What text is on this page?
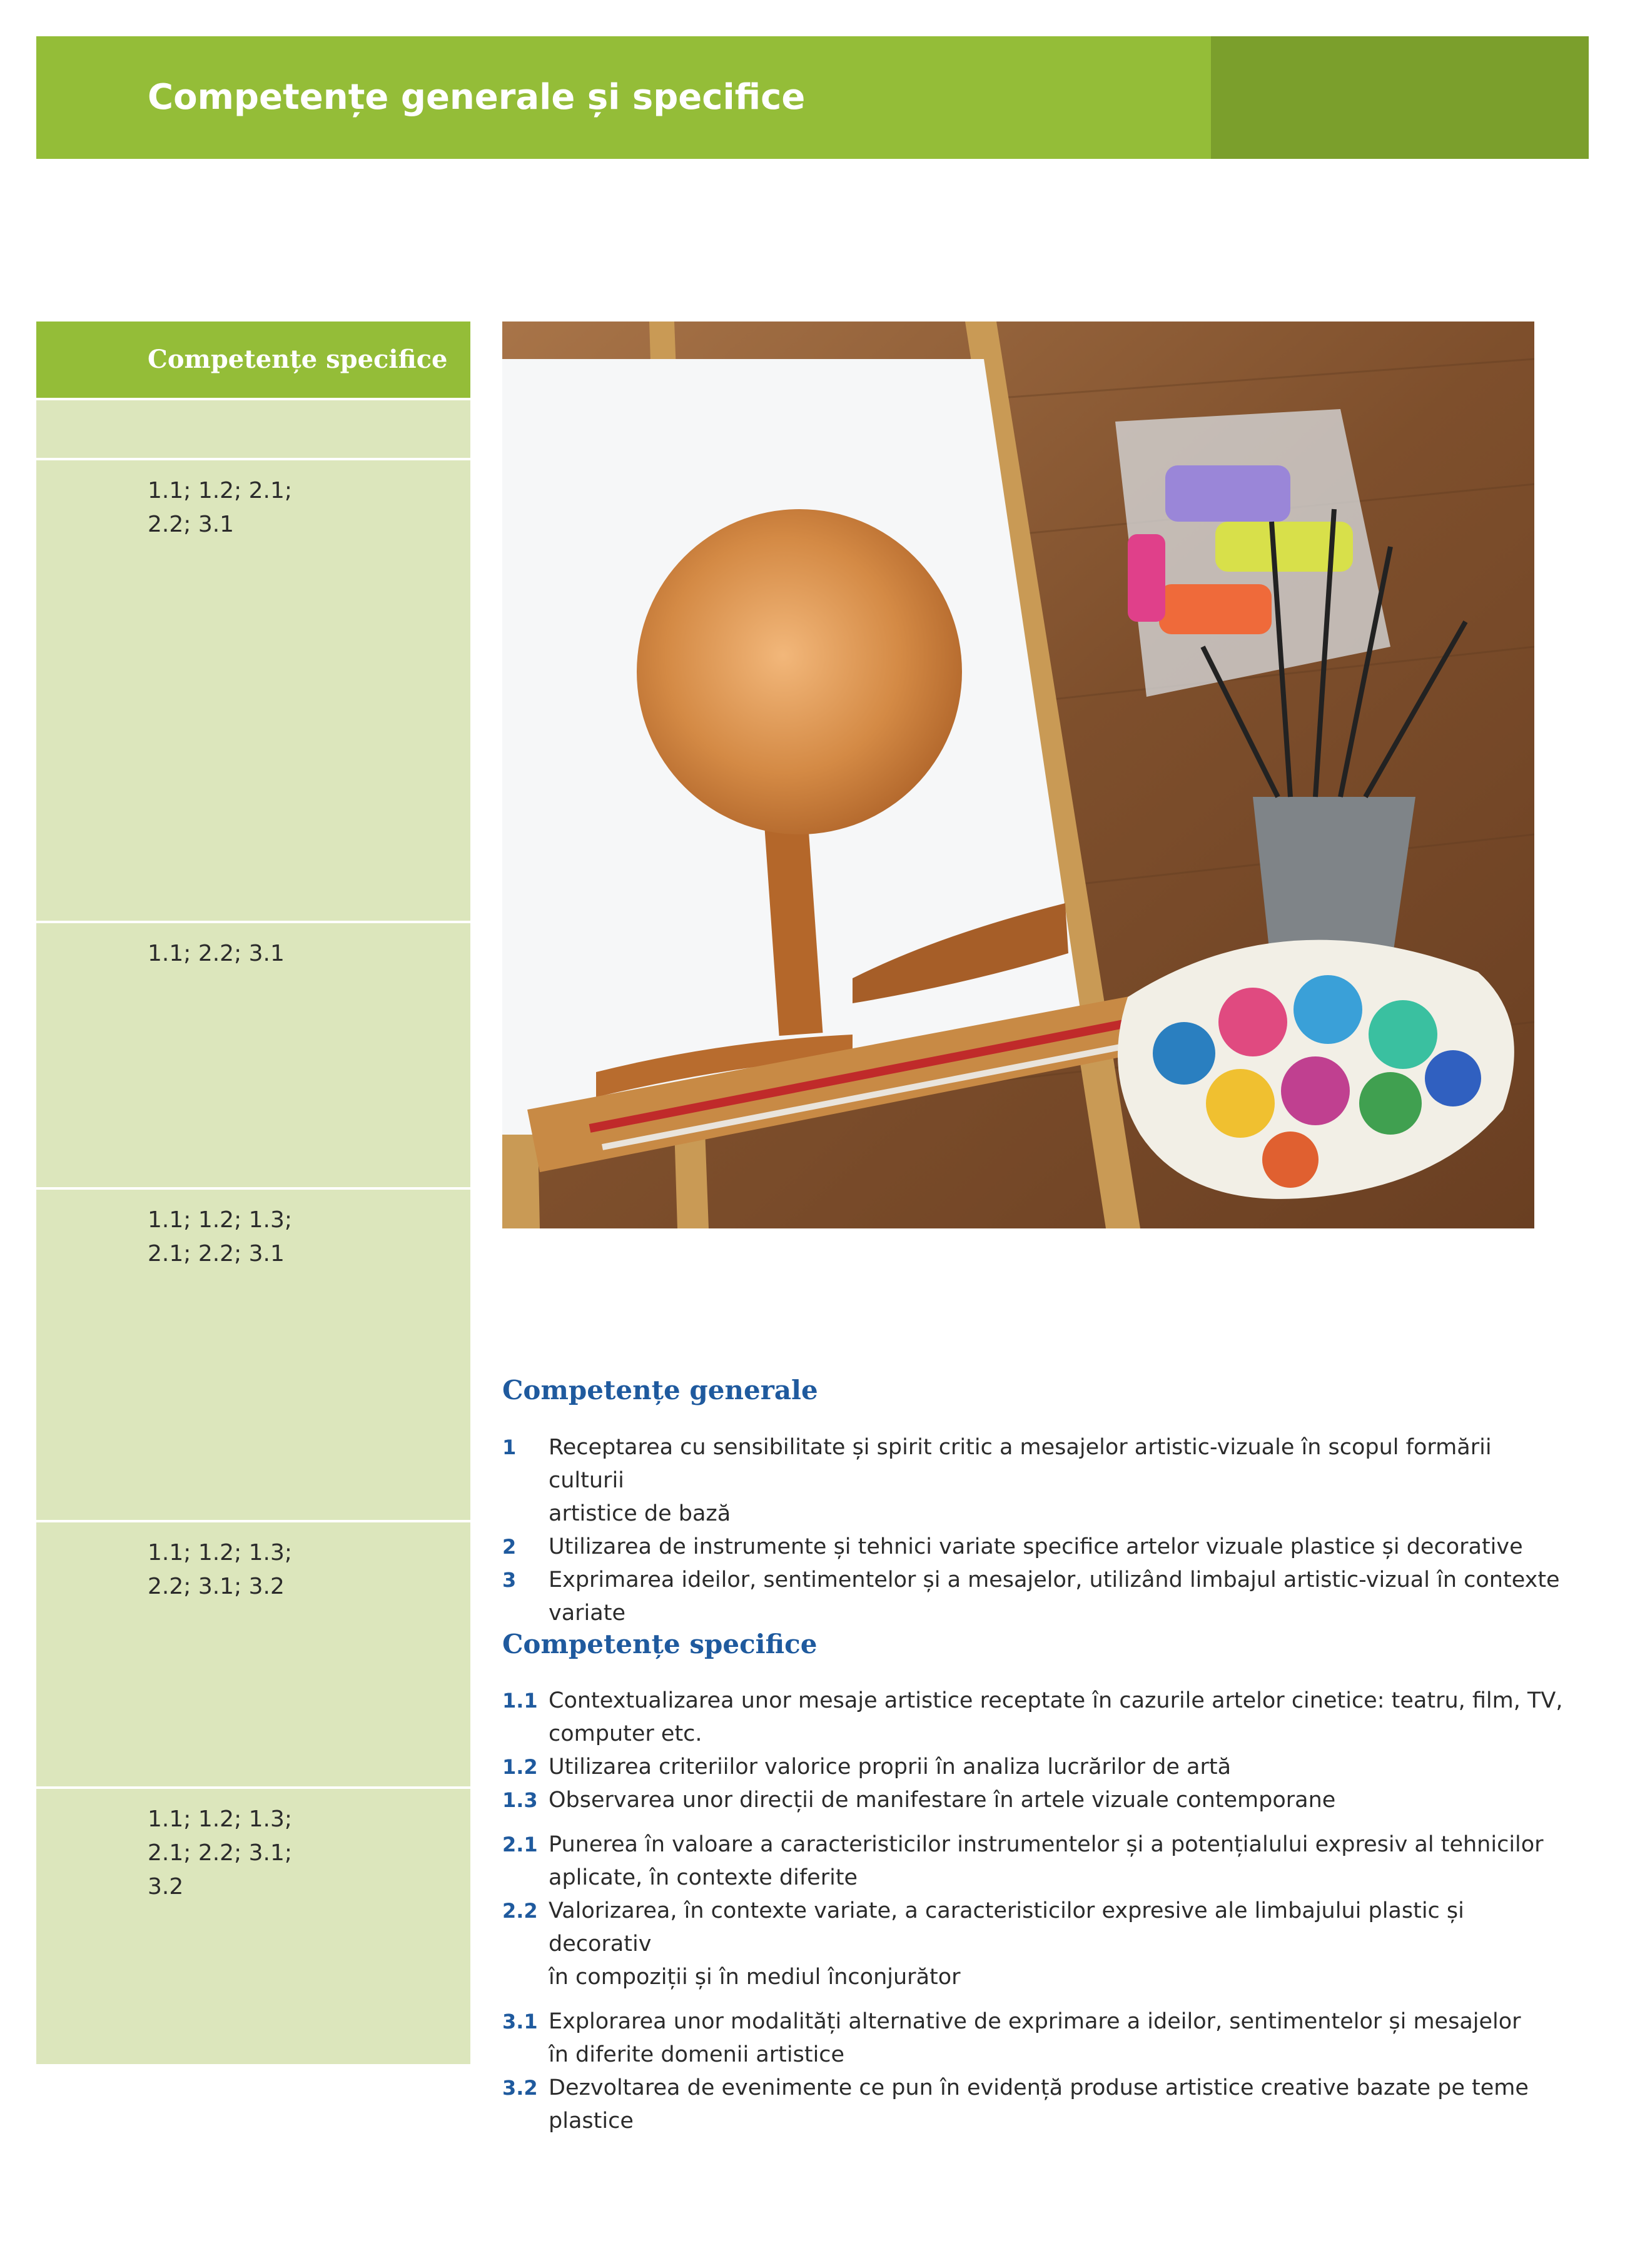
Competențe generale și specifice
Competențe specifice
1.1; 1.2; 2.1;
2.2; 3.1
1.1; 2.2; 3.1
1.1; 1.2; 1.3;
2.1; 2.2; 3.1
1.1; 1.2; 1.3;
2.2; 3.1; 3.2
1.1; 1.2; 1.3;
2.1; 2.2; 3.1;
3.2
Competențe generale
1 Receptarea cu sensibilitate și spirit critic a mesajelor artistic-vizuale în scopul formării culturii
artistice de bază
2 Utilizarea de instrumente și tehnici variate specifice artelor vizuale plastice și decorative
3 Exprimarea ideilor, sentimentelor și a mesajelor, utilizând limbajul artistic-vizual în contexte
variate
Competențe specifice
1.1 Contextualizarea unor mesaje artistice receptate în cazurile artelor cinetice: teatru, film, TV,
computer etc.
1.2 Utilizarea criteriilor valorice proprii în analiza lucrărilor de artă
1.3 Observarea unor direcții de manifestare în artele vizuale contemporane
2.1 Punerea în valoare a caracteristicilor instrumentelor și a potențialului expresiv al tehnicilor
aplicate, în contexte diferite
2.2 Valorizarea, în contexte variate, a caracteristicilor expresive ale limbajului plastic și decorativ
în compoziții și în mediul înconjurător
3.1 Explorarea unor modalități alternative de exprimare a ideilor, sentimentelor și mesajelor
în diferite domenii artistice
3.2 Dezvoltarea de evenimente ce pun în evidență produse artistice creative bazate pe teme plastice
